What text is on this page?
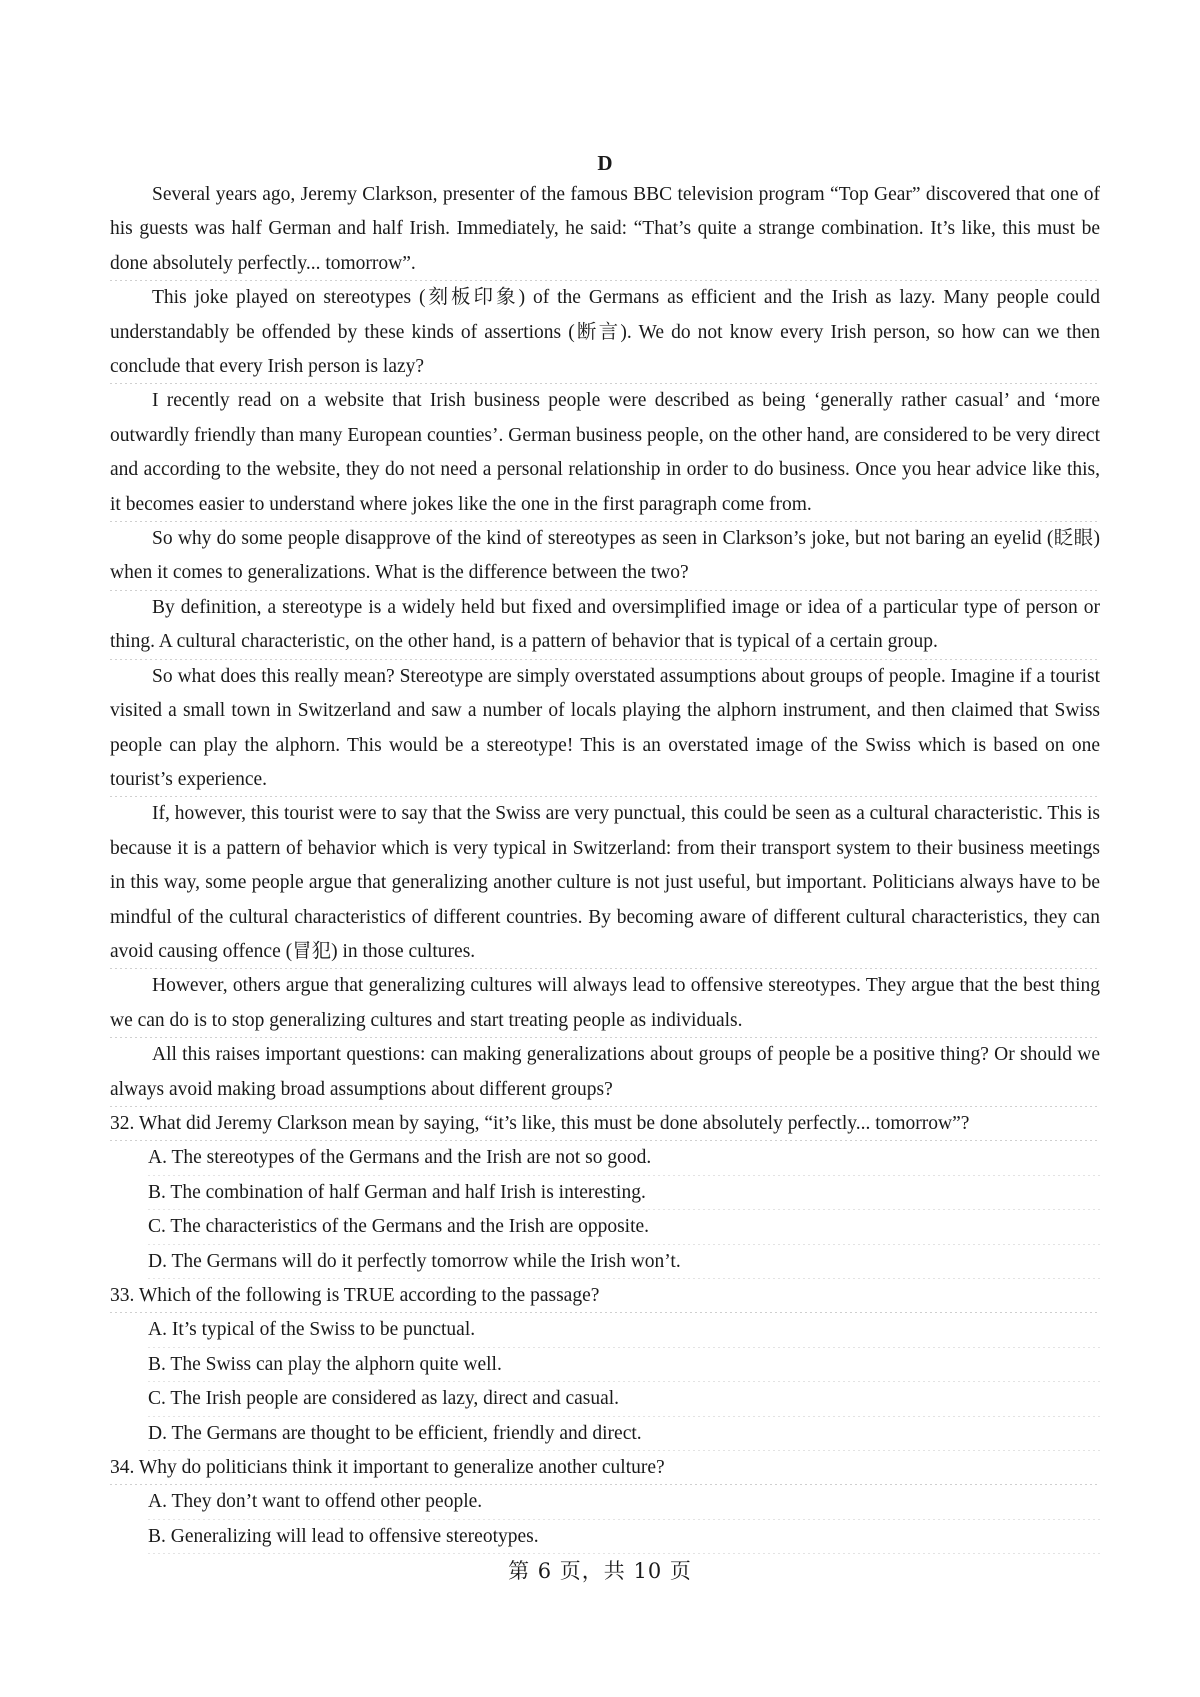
D

Several years ago, Jeremy Clarkson, presenter of the famous BBC television program “Top Gear” discovered that one of his guests was half German and half Irish. Immediately, he said: “That’s quite a strange combination. It’s like, this must be done absolutely perfectly... tomorrow”.

This joke played on stereotypes (刻板印象) of the Germans as efficient and the Irish as lazy. Many people could understandably be offended by these kinds of assertions (断言). We do not know every Irish person, so how can we then conclude that every Irish person is lazy?

I recently read on a website that Irish business people were described as being ‘generally rather casual’ and ‘more outwardly friendly than many European counties’. German business people, on the other hand, are considered to be very direct and according to the website, they do not need a personal relationship in order to do business. Once you hear advice like this, it becomes easier to understand where jokes like the one in the first paragraph come from.

So why do some people disapprove of the kind of stereotypes as seen in Clarkson’s joke, but not baring an eyelid (眨眼) when it comes to generalizations. What is the difference between the two?

By definition, a stereotype is a widely held but fixed and oversimplified image or idea of a particular type of person or thing. A cultural characteristic, on the other hand, is a pattern of behavior that is typical of a certain group.

So what does this really mean? Stereotype are simply overstated assumptions about groups of people. Imagine if a tourist visited a small town in Switzerland and saw a number of locals playing the alphorn instrument, and then claimed that Swiss people can play the alphorn. This would be a stereotype! This is an overstated image of the Swiss which is based on one tourist’s experience.

If, however, this tourist were to say that the Swiss are very punctual, this could be seen as a cultural characteristic. This is because it is a pattern of behavior which is very typical in Switzerland: from their transport system to their business meetings in this way, some people argue that generalizing another culture is not just useful, but important. Politicians always have to be mindful of the cultural characteristics of different countries. By becoming aware of different cultural characteristics, they can avoid causing offence (冒犯) in those cultures.

However, others argue that generalizing cultures will always lead to offensive stereotypes. They argue that the best thing we can do is to stop generalizing cultures and start treating people as individuals.

All this raises important questions: can making generalizations about groups of people be a positive thing? Or should we always avoid making broad assumptions about different groups?

32. What did Jeremy Clarkson mean by saying, “it’s like, this must be done absolutely perfectly... tomorrow”?

A. The stereotypes of the Germans and the Irish are not so good.

B. The combination of half German and half Irish is interesting.

C. The characteristics of the Germans and the Irish are opposite.

D. The Germans will do it perfectly tomorrow while the Irish won’t.

33. Which of the following is TRUE according to the passage?

A. It’s typical of the Swiss to be punctual.

B. The Swiss can play the alphorn quite well.

C. The Irish people are considered as lazy, direct and casual.

D. The Germans are thought to be efficient, friendly and direct.

34. Why do politicians think it important to generalize another culture?

A. They don’t want to offend other people.

B. Generalizing will lead to offensive stereotypes.

第 6 页，共 10 页
